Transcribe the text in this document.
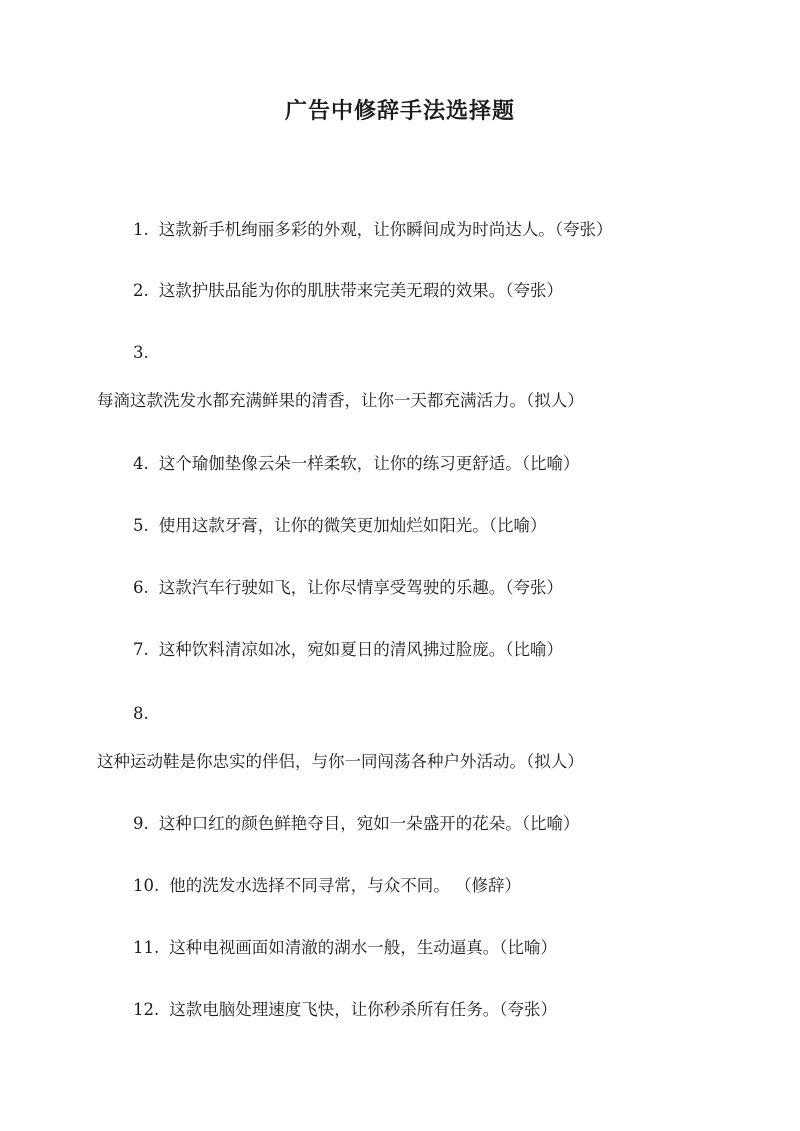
广告中修辞手法选择题
1. 这款新手机绚丽多彩的外观，让你瞬间成为时尚达人。（夸张）
2. 这款护肤品能为你的肌肤带来完美无瑕的效果。（夸张）
3.
每滴这款洗发水都充满鲜果的清香，让你一天都充满活力。（拟人）
4. 这个瑜伽垫像云朵一样柔软，让你的练习更舒适。（比喻）
5. 使用这款牙膏，让你的微笑更加灿烂如阳光。（比喻）
6. 这款汽车行驶如飞，让你尽情享受驾驶的乐趣。（夸张）
7. 这种饮料清凉如冰，宛如夏日的清风拂过脸庞。（比喻）
8.
这种运动鞋是你忠实的伴侣，与你一同闯荡各种户外活动。（拟人）
9. 这种口红的颜色鲜艳夺目，宛如一朵盛开的花朵。（比喻）
10. 他的洗发水选择不同寻常，与众不同。 （修辞）
11. 这种电视画面如清澈的湖水一般，生动逼真。（比喻）
12. 这款电脑处理速度飞快，让你秒杀所有任务。（夸张）
